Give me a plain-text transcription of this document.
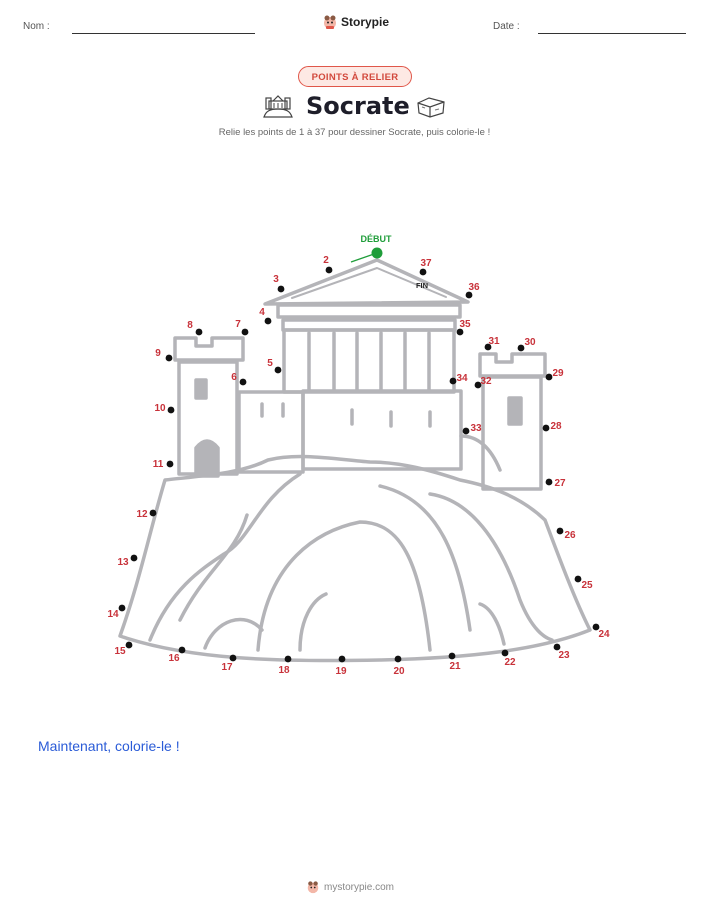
Nom :	Storypie	Date :
POINTS À RELIER
Socrate
Relie les points de 1 à 37 pour dessiner Socrate, puis colorie-le !
DÉBUT
FIN
2
3
4
5
6
7
8
9
10
11
12
13
14
15
16
17	18	19	20	21	22
23
24
25
26
27
28
29
30
31
32
33
34
35
36
37
Maintenant, colorie-le !
mystorypie.com
